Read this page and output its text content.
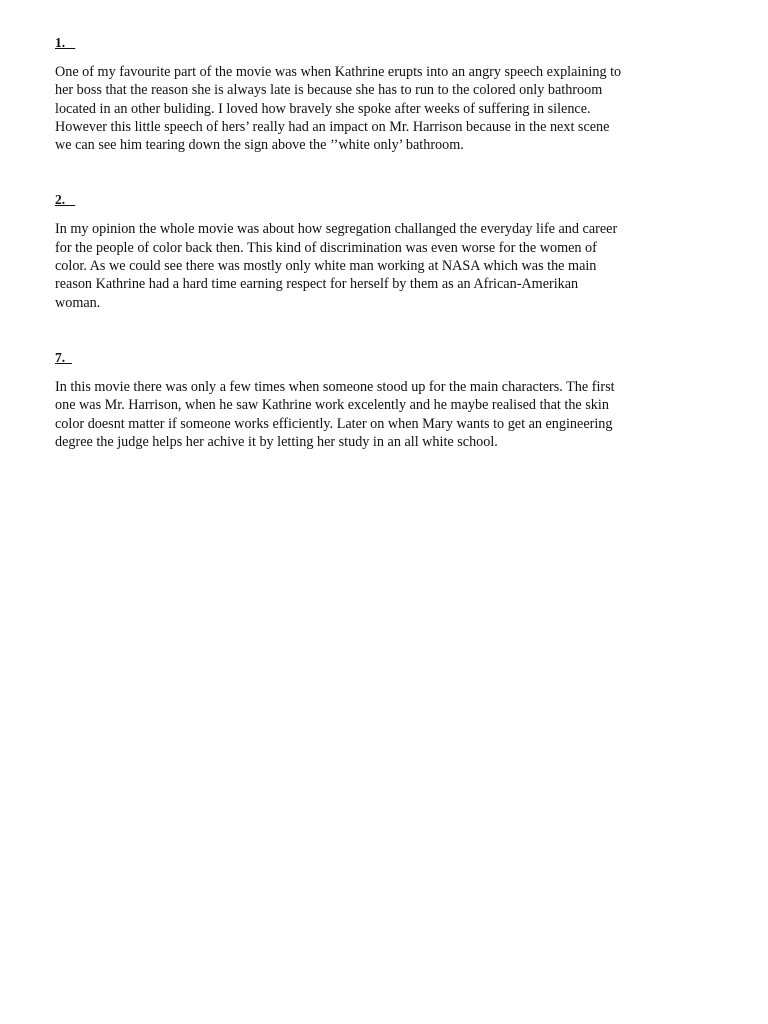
1.

One of my favourite part of the movie was when Kathrine erupts into an angry speech explaining to
her boss that the reason she is always late is because she has to run to the colored only bathroom
located in an other buliding. I loved how bravely she spoke after weeks of suffering in silence.
However this little speech of hers’ really had an impact on Mr. Harrison because in the next scene
we can see him tearing down the sign above the ’’white only’ bathroom.

2.

In my opinion the whole movie was about how segregation challanged the everyday life and career
for the people of color back then. This kind of discrimination was even worse for the women of
color. As we could see there was mostly only white man working at NASA which was the main
reason Kathrine had a hard time earning respect for herself by them as an African-Amerikan
woman.

7.

In this movie there was only a few times when someone stood up for the main characters. The first
one was Mr. Harrison, when he saw Kathrine work excelently and he maybe realised that the skin
color doesnt matter if someone works efficiently. Later on when Mary wants to get an engineering
degree the judge helps her achive it by letting her study in an all white school.
